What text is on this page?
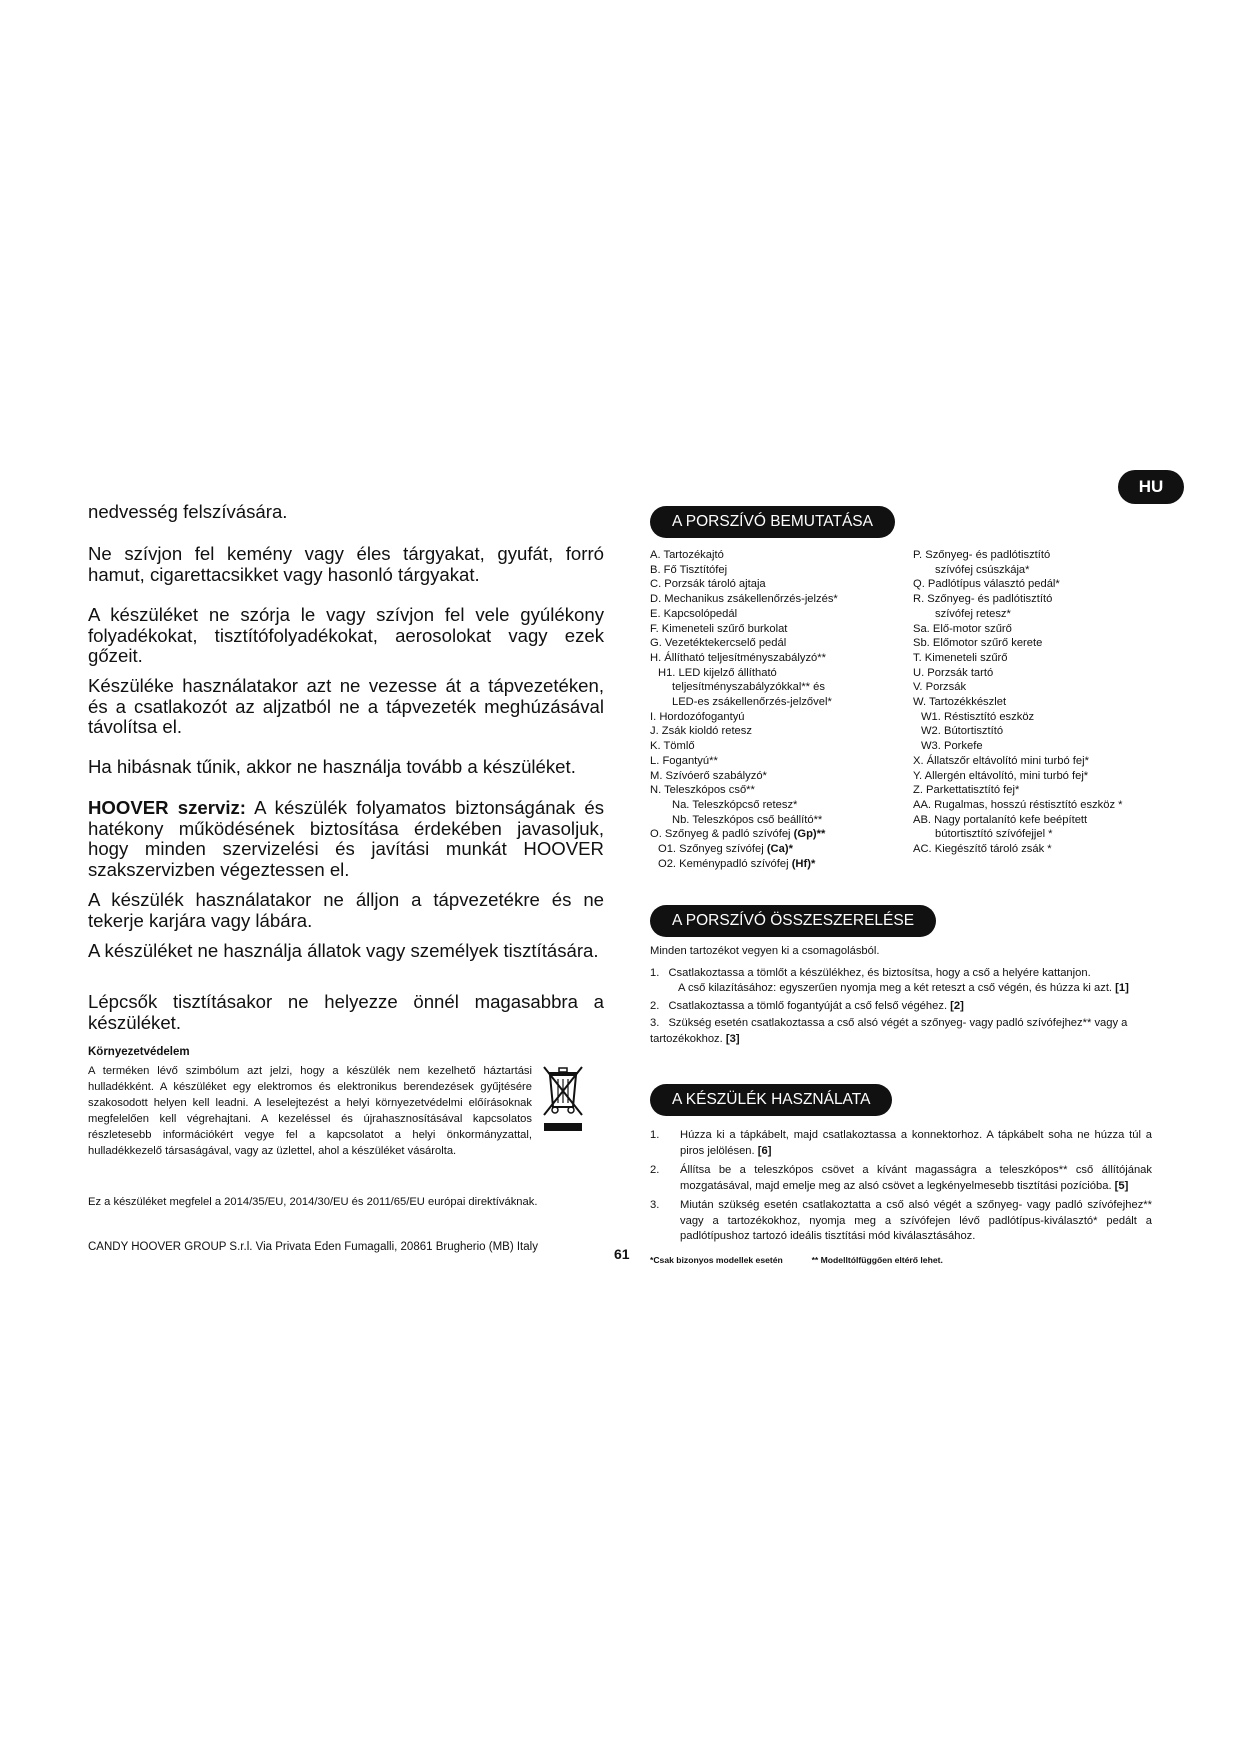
HU

nedvesség felszívására.

Ne szívjon fel kemény vagy éles tárgyakat, gyufát, forró hamut, cigarettacsikket vagy hasonló tárgyakat.

A készüléket ne szórja le vagy szívjon fel vele gyúlékony folyadékokat, tisztítófolyadékokat, aerosolokat vagy ezek gőzeit.

Készüléke használatakor azt ne vezesse át a tápvezetéken, és a csatlakozót az aljzatból ne a tápvezeték meghúzásával távolítsa el.

Ha hibásnak tűnik, akkor ne használja tovább a készüléket.

HOOVER szerviz: A készülék folyamatos biztonságának és hatékony működésének biztosítása érdekében javasoljuk, hogy minden szervizelési és javítási munkát HOOVER szakszervizben végeztessen el.

A készülék használatakor ne álljon a tápvezetékre és ne tekerje karjára vagy lábára.

A készüléket ne használja állatok vagy személyek tisztítására.

Lépcsők tisztításakor ne helyezze önnél magasabbra a készüléket.

Környezetvédelem
A terméken lévő szimbólum azt jelzi, hogy a készülék nem kezelhető háztartási hulladékként. A készüléket egy elektromos és elektronikus berendezések gyűjtésére szakosodott helyen kell leadni. A leselejtezést a helyi környezetvédelmi előírásoknak megfelelően kell végrehajtani. A kezeléssel és újrahasznosításával kapcsolatos részletesebb információkért vegye fel a kapcsolatot a helyi önkormányzattal, hulladékkezelő társaságával, vagy az üzlettel, ahol a készüléket vásárolta.
Ez a készüléket megfelel a 2014/35/EU, 2014/30/EU és 2011/65/EU európai direktíváknak.
CANDY HOOVER GROUP S.r.l. Via Privata Eden Fumagalli, 20861 Brugherio (MB) Italy	61
A PORSZÍVÓ BEMUTATÁSA
A. Tartozékajtó
B. Fő Tisztítófej
C. Porzsák tároló ajtaja
D. Mechanikus zsákellenőrzés-jelzés*
E. Kapcsolópedál
F. Kimeneteli szűrő burkolat
G. Vezetéktekercselő pedál
H. Állítható teljesítményszabályzó**
H1. LED kijelző állítható
teljesítményszabályzókkal** és
LED-es zsákellenőrzés-jelzővel*
I. Hordozófogantyú
J. Zsák kioldó retesz
K. Tömlő
L. Fogantyú**
M. Szívóerő szabályzó*
N. Teleszkópos cső**
Na. Teleszkópcső retesz*
Nb. Teleszkópos cső beállító**
O. Szőnyeg & padló szívófej (Gp)**
O1. Szőnyeg szívófej (Ca)*
O2. Keménypadló szívófej (Hf)*
P. Szőnyeg- és padlótisztító
szívófej csúszkája*
Q. Padlótípus választó pedál*
R. Szőnyeg- és padlótisztító
szívófej retesz*
Sa. Elő-motor szűrő
Sb. Előmotor szűrő kerete
T. Kimeneteli szűrő
U. Porzsák tartó
V. Porzsák
W. Tartozékkészlet
W1. Réstisztító eszköz
W2. Bútortisztító
W3. Porkefe
X. Állatszőr eltávolító mini turbó fej*
Y. Allergén eltávolító, mini turbó fej*
Z. Parkettatisztító fej*
AA. Rugalmas, hosszú réstisztító eszköz *
AB. Nagy portalanító kefe beépített
bútortisztító szívófejjel *
AC. Kiegészítő tároló zsák *
A PORSZÍVÓ ÖSSZESZERELÉSE
Minden tartozékot vegyen ki a csomagolásból.
1. Csatlakoztassa a tömlőt a készülékhez, és biztosítsa, hogy a cső a helyére kattanjon.
A cső kilazításához: egyszerűen nyomja meg a két reteszt a cső végén, és húzza ki azt. [1]
2. Csatlakoztassa a tömlő fogantyúját a cső felső végéhez. [2]
3. Szükség esetén csatlakoztassa a cső alsó végét a szőnyeg- vagy padló szívófejhez** vagy a tartozékokhoz. [3]
A KÉSZÜLÉK HASZNÁLATA
1. Húzza ki a tápkábelt, majd csatlakoztassa a konnektorhoz. A tápkábelt soha ne húzza túl a piros jelölésen. [6]
2. Állítsa be a teleszkópos csövet a kívánt magasságra a teleszkópos** cső állítójának mozgatásával, majd emelje meg az alsó csövet a legkényelmesebb tisztítási pozícióba. [5]
3. Miután szükség esetén csatlakoztatta a cső alsó végét a szőnyeg- vagy padló szívófejhez** vagy a tartozékokhoz, nyomja meg a szívófejen lévő padlótípus-kiválasztó* pedált a padlótípushoz tartozó ideális tisztítási mód kiválasztásához.
*Csak bizonyos modellek esetén	** Modelltólfüggően eltérő lehet.
